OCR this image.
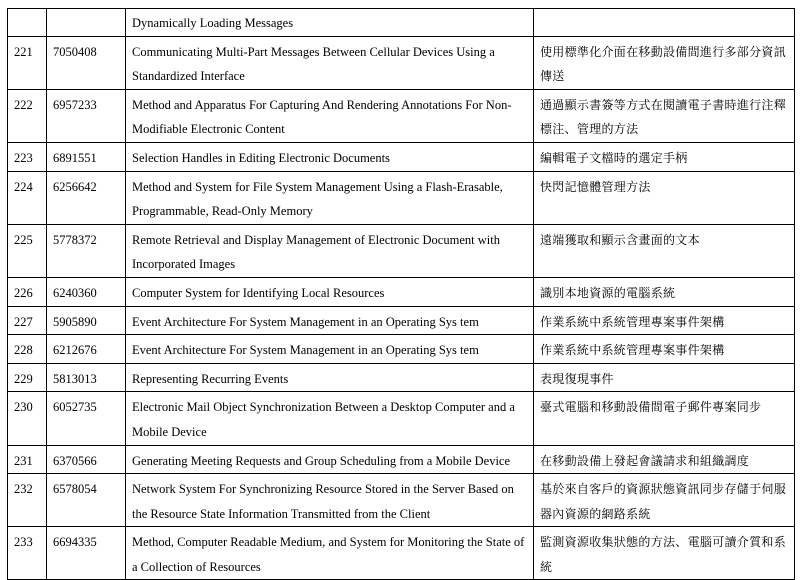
		Dynamically Loading Messages	
221	7050408	Communicating Multi-Part Messages Between Cellular Devices Using a Standardized Interface	使用標準化介面在移動設備間進行多部分資訊傳送
222	6957233	Method and Apparatus For Capturing And Rendering Annotations For Non-Modifiable Electronic Content	通過顯示書簽等方式在閱讀電子書時進行注釋標注、管理的方法
223	6891551	Selection Handles in Editing Electronic Documents	編輯電子文檔時的選定手柄
224	6256642	Method and System for File System Management Using a Flash-Erasable, Programmable, Read-Only Memory	快閃記憶體管理方法
225	5778372	Remote Retrieval and Display Management of Electronic Document with Incorporated Images	遠端獲取和顯示含畫面的文本
226	6240360	Computer System for Identifying Local Resources	識別本地資源的電腦系統
227	5905890	Event Architecture For System Management in an Operating Sys tem	作業系統中系統管理專案事件架構
228	6212676	Event Architecture For System Management in an Operating Sys tem	作業系統中系統管理專案事件架構
229	5813013	Representing Recurring Events	表現復現事件
230	6052735	Electronic Mail Object Synchronization Between a Desktop Computer and a Mobile Device	臺式電腦和移動設備間電子郵件專案同步
231	6370566	Generating Meeting Requests and Group Scheduling from a Mobile Device	在移動設備上發起會議請求和組織調度
232	6578054	Network System For Synchronizing Resource Stored in the Server Based on the Resource State Information Transmitted from the Client	基於來自客戶的資源狀態資訊同步存儲于伺服器內資源的網路系統
233	6694335	Method, Computer Readable Medium, and System for Monitoring the State of a Collection of Resources	監測資源收集狀態的方法、電腦可讀介質和系統
